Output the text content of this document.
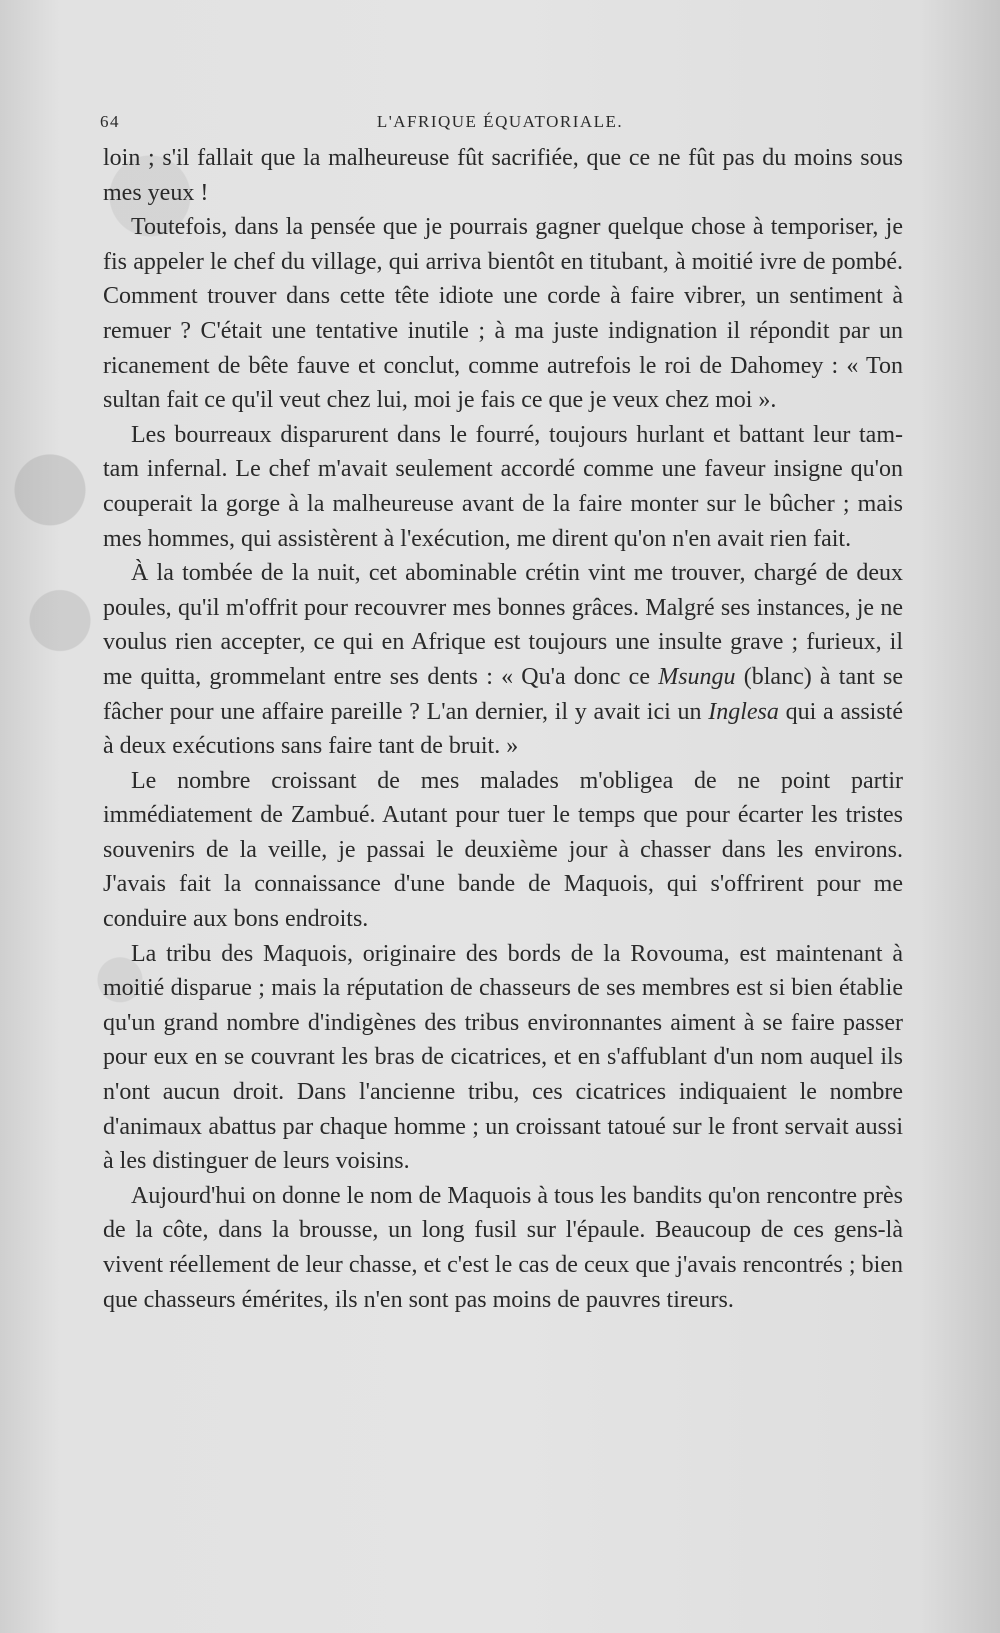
64	L'AFRIQUE ÉQUATORIALE.

loin ; s'il fallait que la malheureuse fût sacrifiée, que ce ne fût pas du moins sous mes yeux !

Toutefois, dans la pensée que je pourrais gagner quelque chose à temporiser, je fis appeler le chef du village, qui arriva bientôt en titubant, à moitié ivre de pombé. Comment trouver dans cette tête idiote une corde à faire vibrer, un sentiment à remuer ? C'était une tentative inutile ; à ma juste indignation il répondit par un ricanement de bête fauve et conclut, comme autrefois le roi de Dahomey : « Ton sultan fait ce qu'il veut chez lui, moi je fais ce que je veux chez moi ».

Les bourreaux disparurent dans le fourré, toujours hurlant et battant leur tam-tam infernal. Le chef m'avait seulement accordé comme une faveur insigne qu'on couperait la gorge à la malheureuse avant de la faire monter sur le bûcher ; mais mes hommes, qui assistèrent à l'exécution, me dirent qu'on n'en avait rien fait.

À la tombée de la nuit, cet abominable crétin vint me trouver, chargé de deux poules, qu'il m'offrit pour recouvrer mes bonnes grâces. Malgré ses instances, je ne voulus rien accepter, ce qui en Afrique est toujours une insulte grave ; furieux, il me quitta, grommelant entre ses dents : « Qu'a donc ce Msungu (blanc) à tant se fâcher pour une affaire pareille ? L'an dernier, il y avait ici un Inglesa qui a assisté à deux exécutions sans faire tant de bruit. »

Le nombre croissant de mes malades m'obligea de ne point partir immédiatement de Zambué. Autant pour tuer le temps que pour écarter les tristes souvenirs de la veille, je passai le deuxième jour à chasser dans les environs. J'avais fait la connaissance d'une bande de Maquois, qui s'offrirent pour me conduire aux bons endroits.

La tribu des Maquois, originaire des bords de la Rovouma, est maintenant à moitié disparue ; mais la réputation de chasseurs de ses membres est si bien établie qu'un grand nombre d'indigènes des tribus environnantes aiment à se faire passer pour eux en se couvrant les bras de cicatrices, et en s'affublant d'un nom auquel ils n'ont aucun droit. Dans l'ancienne tribu, ces cicatrices indiquaient le nombre d'animaux abattus par chaque homme ; un croissant tatoué sur le front servait aussi à les distinguer de leurs voisins.

Aujourd'hui on donne le nom de Maquois à tous les bandits qu'on rencontre près de la côte, dans la brousse, un long fusil sur l'épaule. Beaucoup de ces gens-là vivent réellement de leur chasse, et c'est le cas de ceux que j'avais rencontrés ; bien que chasseurs émérites, ils n'en sont pas moins de pauvres tireurs.
